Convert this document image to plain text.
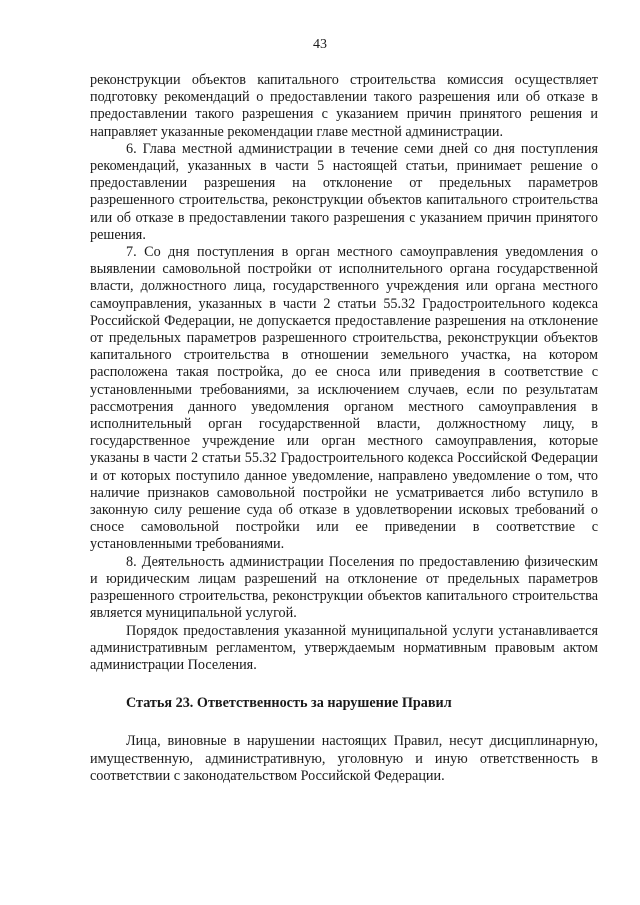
43

реконструкции объектов капитального строительства комиссия осуществляет подготовку рекомендаций о предоставлении такого разрешения или об отказе в предоставлении такого разрешения с указанием причин принятого решения и направляет указанные рекомендации главе местной администрации.

6. Глава местной администрации в течение семи дней со дня поступления рекомендаций, указанных в части 5 настоящей статьи, принимает решение о предоставлении разрешения на отклонение от предельных параметров разрешенного строительства, реконструкции объектов капитального строительства или об отказе в предоставлении такого разрешения с указанием причин принятого решения.

7. Со дня поступления в орган местного самоуправления уведомления о выявлении самовольной постройки от исполнительного органа государственной власти, должностного лица, государственного учреждения или органа местного самоуправления, указанных в части 2 статьи 55.32 Градостроительного кодекса Российской Федерации, не допускается предоставление разрешения на отклонение от предельных параметров разрешенного строительства, реконструкции объектов капитального строительства в отношении земельного участка, на котором расположена такая постройка, до ее сноса или приведения в соответствие с установленными требованиями, за исключением случаев, если по результатам рассмотрения данного уведомления органом местного самоуправления в исполнительный орган государственной власти, должностному лицу, в государственное учреждение или орган местного самоуправления, которые указаны в части 2 статьи 55.32 Градостроительного кодекса Российской Федерации и от которых поступило данное уведомление, направлено уведомление о том, что наличие признаков самовольной постройки не усматривается либо вступило в законную силу решение суда об отказе в удовлетворении исковых требований о сносе самовольной постройки или ее приведении в соответствие с установленными требованиями.

8. Деятельность администрации Поселения по предоставлению физическим и юридическим лицам разрешений на отклонение от предельных параметров разрешенного строительства, реконструкции объектов капитального строительства является муниципальной услугой.

Порядок предоставления указанной муниципальной услуги устанавливается административным регламентом, утверждаемым нормативным правовым актом администрации Поселения.

Статья 23. Ответственность за нарушение Правил

Лица, виновные в нарушении настоящих Правил, несут дисциплинарную, имущественную, административную, уголовную и иную ответственность в соответствии с законодательством Российской Федерации.
